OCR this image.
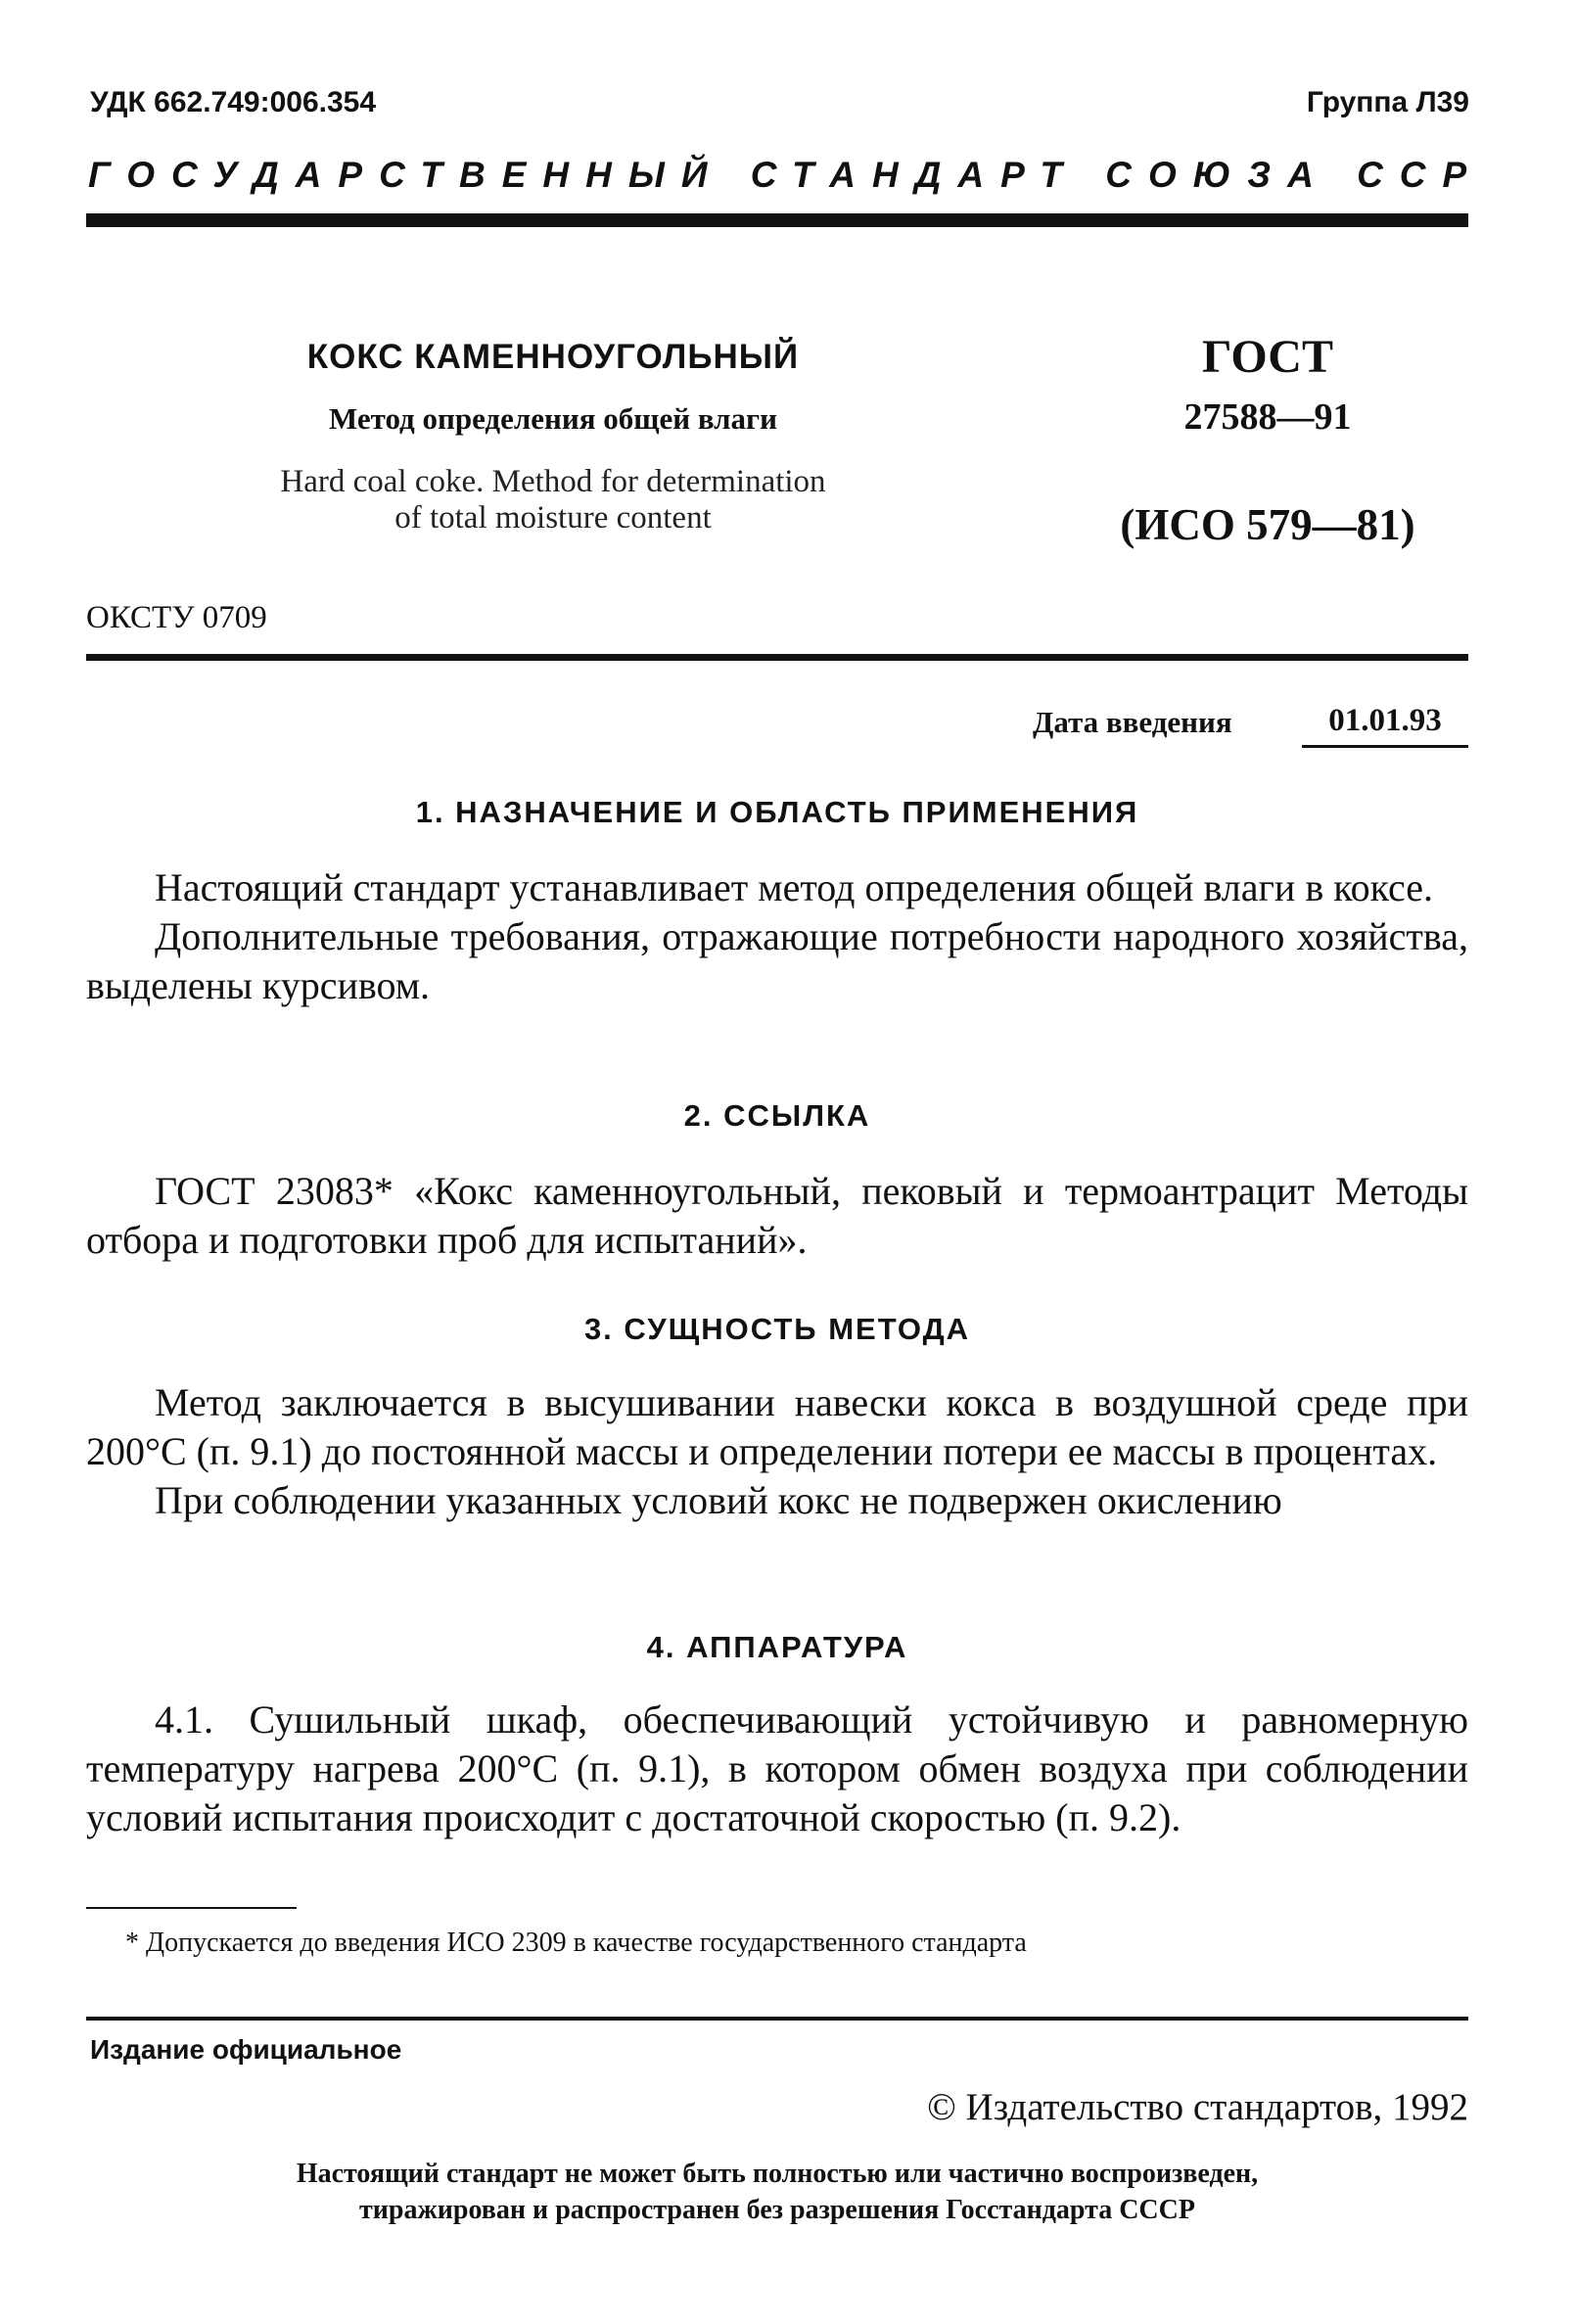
УДК 662.749:006.354	Группа Л39
ГОСУДАРСТВЕННЫЙ СТАНДАРТ СОЮЗА ССР
КОКС КАМЕННОУГОЛЬНЫЙ
Метод определения общей влаги
Hard coal coke. Method for determination
of total moisture content
ГОСТ
27588—91
(ИСО 579—81)
ОКСТУ 0709
Дата введения	01.01.93
1. НАЗНАЧЕНИЕ И ОБЛАСТЬ ПРИМЕНЕНИЯ

Настоящий стандарт устанавливает метод определения общей влаги в коксе.

Дополнительные требования, отражающие потребности народного хозяйства, выделены курсивом.

2. ССЫЛКА

ГОСТ 23083* «Кокс каменноугольный, пековый и термоантрацит Методы отбора и подготовки проб для испытаний».

3. СУЩНОСТЬ МЕТОДА

Метод заключается в высушивании навески кокса в воздушной среде при 200°С (п. 9.1) до постоянной массы и определении потери ее массы в процентах.

При соблюдении указанных условий кокс не подвержен окислению

4. АППАРАТУРА

4.1. Сушильный шкаф, обеспечивающий устойчивую и равномерную температуру нагрева 200°С (п. 9.1), в котором обмен воздуха при соблюдении условий испытания происходит с достаточной скоростью (п. 9.2).

* Допускается до введения ИСО 2309 в качестве государственного стандарта
Издание официальное
© Издательство стандартов, 1992
Настоящий стандарт не может быть полностью или частично воспроизведен,
тиражирован и распространен без разрешения Госстандарта СССР
